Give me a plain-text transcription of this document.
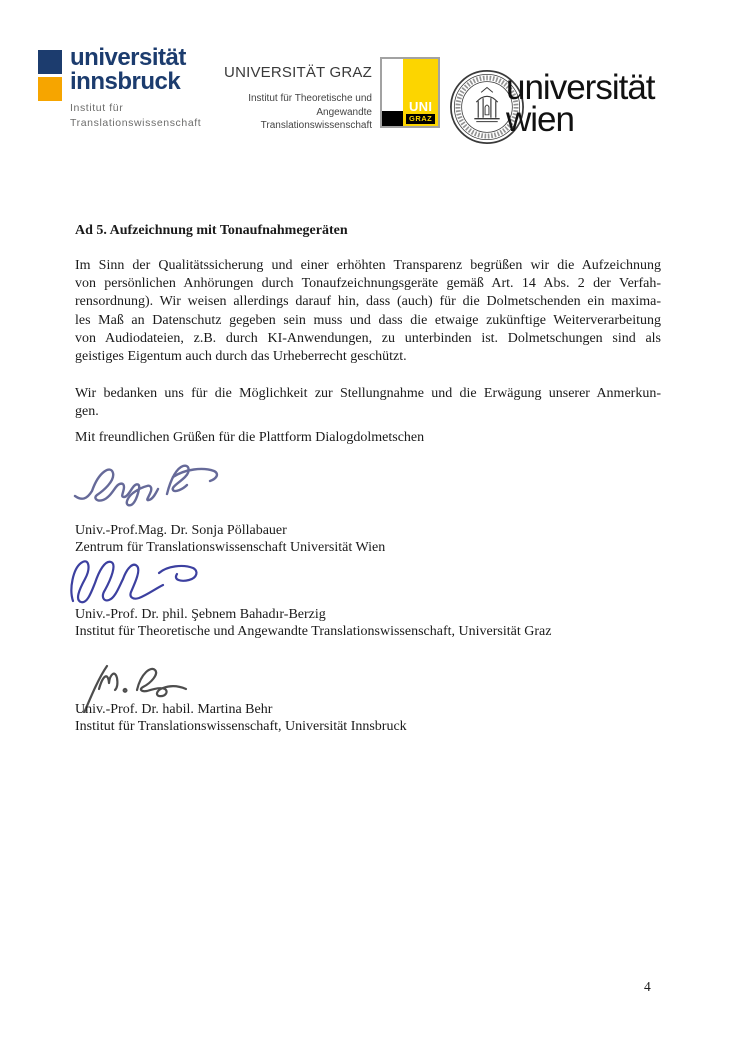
universität
innsbruck
Institut für
Translationswissenschaft
UNIVERSITÄT GRAZ
Institut für Theoretische und
Angewandte Translationswissenschaft
UNI
GRAZ
universität
wien
Ad 5. Aufzeichnung mit Tonaufnahmegeräten
Im Sinn der Qualitätssicherung und einer erhöhten Transparenz begrüßen wir die Aufzeichnung
von persönlichen Anhörungen durch Tonaufzeichnungsgeräte gemäß Art. 14 Abs. 2 der Verfah-
rensordnung). Wir weisen allerdings darauf hin, dass (auch) für die Dolmetschenden ein maxima-
les Maß an Datenschutz gegeben sein muss und dass die etwaige zukünftige Weiterverarbeitung
von Audiodateien, z.B. durch KI-Anwendungen, zu unterbinden ist. Dolmetschungen sind als
geistiges Eigentum auch durch das Urheberrecht geschützt.
Wir bedanken uns für die Möglichkeit zur Stellungnahme und die Erwägung unserer Anmerkun-
gen.
Mit freundlichen Grüßen für die Plattform Dialogdolmetschen
Univ.-Prof.Mag. Dr. Sonja Pöllabauer
Zentrum für Translationswissenschaft Universität Wien
Univ.-Prof. Dr. phil. Şebnem Bahadır-Berzig
Institut für Theoretische und Angewandte Translationswissenschaft, Universität Graz
Univ.-Prof. Dr. habil. Martina Behr
Institut für Translationswissenschaft, Universität Innsbruck
4
